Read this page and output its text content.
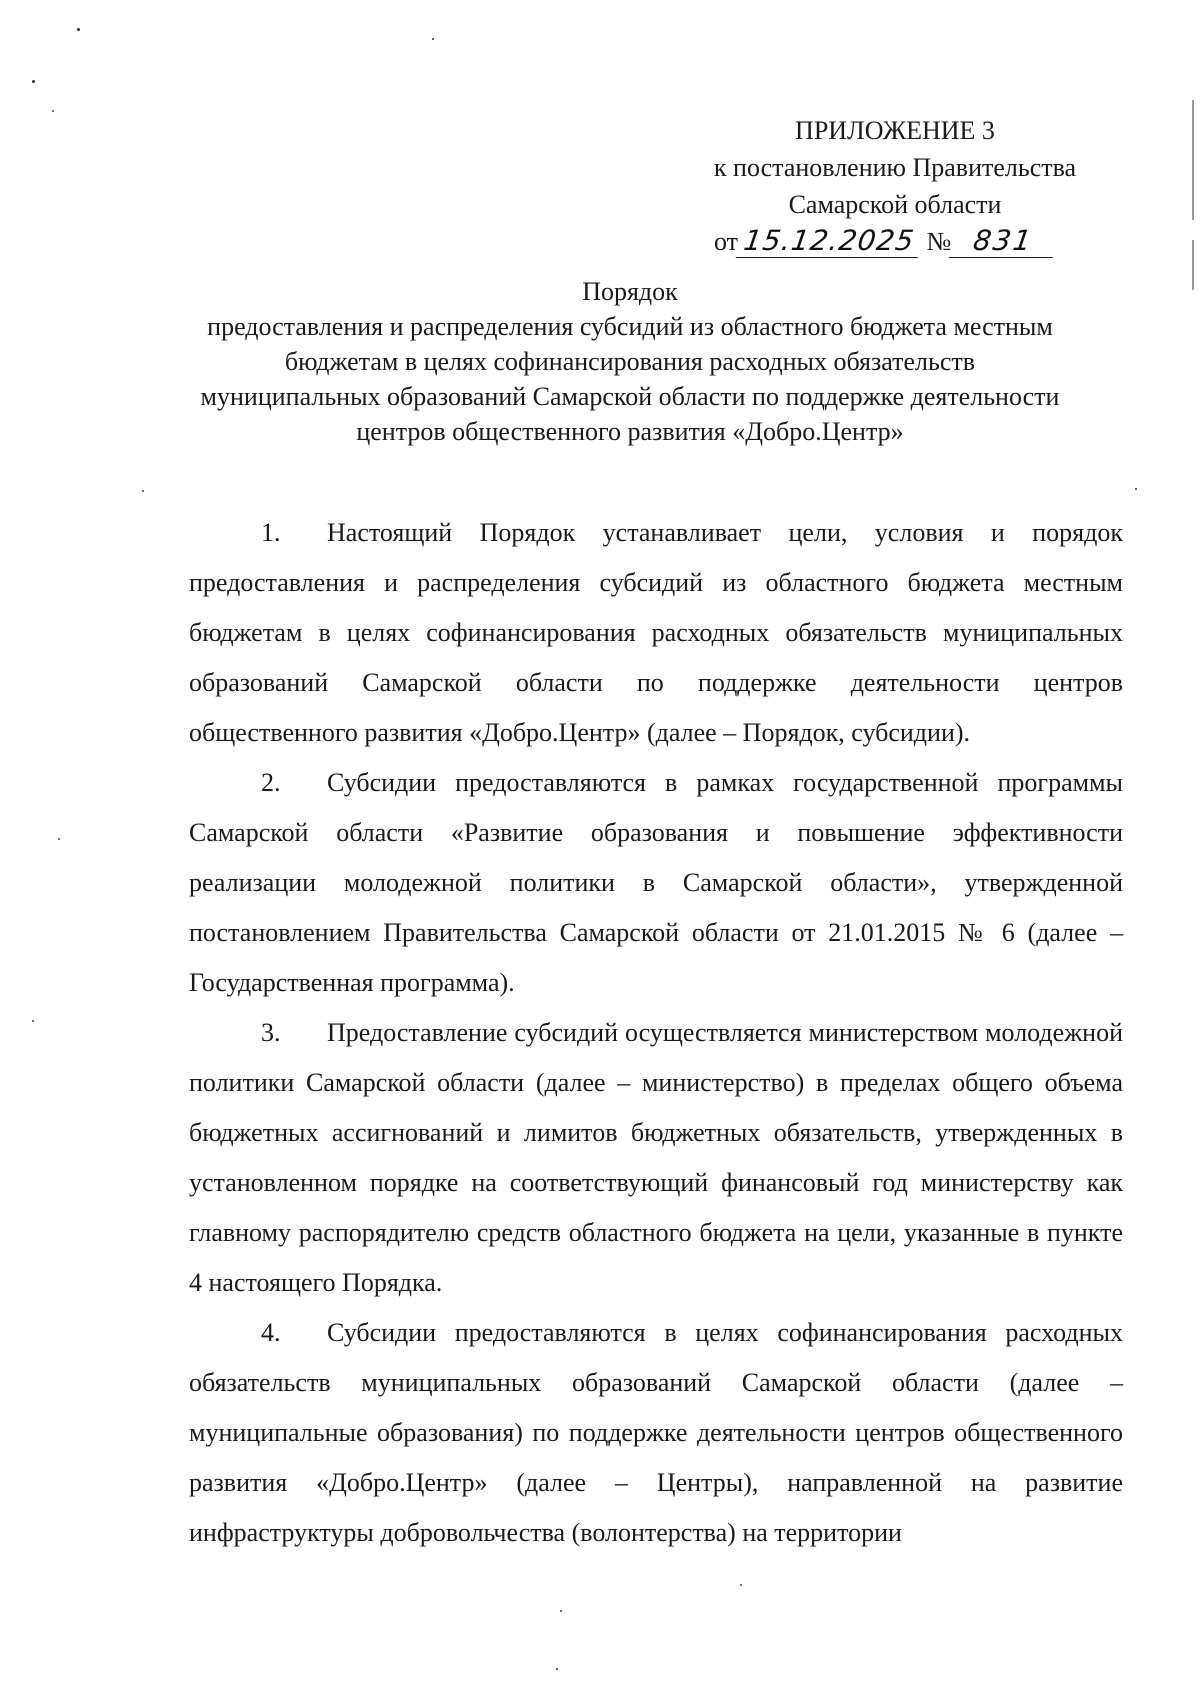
ПРИЛОЖЕНИЕ 3
к постановлению Правительства
Самарской области
от 15.12.2025 № 831
Порядок
предоставления и распределения субсидий из областного бюджета местным
бюджетам в целях софинансирования расходных обязательств
муниципальных образований Самарской области по поддержке деятельности
центров общественного развития «Добро.Центр»

1. Настоящий Порядок устанавливает цели, условия и порядок предоставления и распределения субсидий из областного бюджета местным бюджетам в целях софинансирования расходных обязательств муниципальных образований Самарской области по поддержке деятельности центров общественного развития «Добро.Центр» (далее – Порядок, субсидии).

2. Субсидии предоставляются в рамках государственной программы Самарской области «Развитие образования и повышение эффективности реализации молодежной политики в Самарской области», утвержденной постановлением Правительства Самарской области от 21.01.2015 № 6 (далее – Государственная программа).

3. Предоставление субсидий осуществляется министерством молодежной политики Самарской области (далее – министерство) в пределах общего объема бюджетных ассигнований и лимитов бюджетных обязательств, утвержденных в установленном порядке на соответствующий финансовый год министерству как главному распорядителю средств областного бюджета на цели, указанные в пункте 4 настоящего Порядка.

4. Субсидии предоставляются в целях софинансирования расходных обязательств муниципальных образований Самарской области (далее – муниципальные образования) по поддержке деятельности центров общественного развития «Добро.Центр» (далее – Центры), направленной на развитие инфраструктуры добровольчества (волонтерства) на территории
